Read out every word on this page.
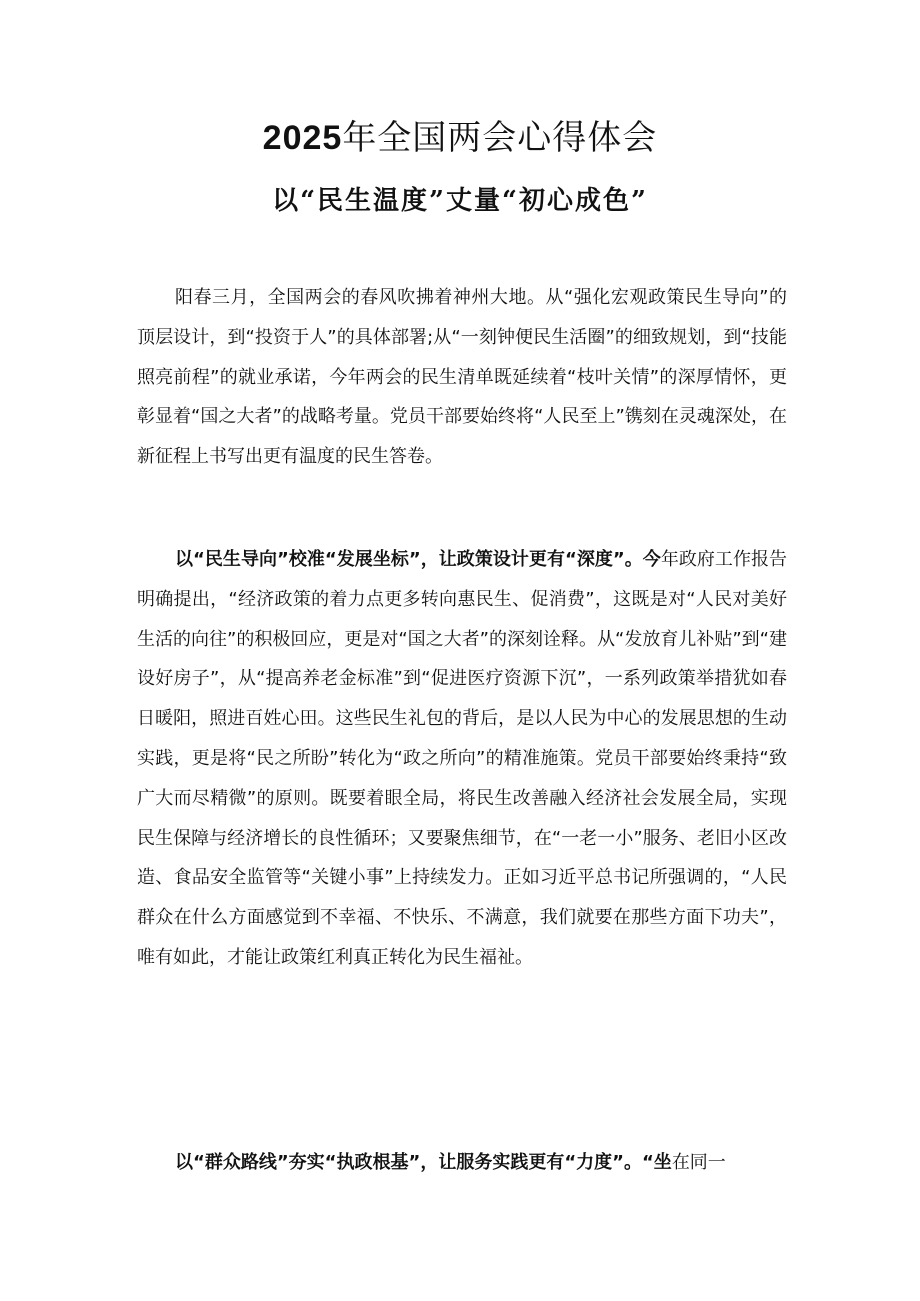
2025年全国两会心得体会
以“民生温度”丈量“初心成色”

阳春三月，全国两会的春风吹拂着神州大地。从“强化宏观政策民生导向”的顶层设计，到“投资于人”的具体部署;从“一刻钟便民生活圈”的细致规划，到“技能照亮前程”的就业承诺，今年两会的民生清单既延续着“枝叶关情”的深厚情怀，更彰显着“国之大者”的战略考量。党员干部要始终将“人民至上”镌刻在灵魂深处，在新征程上书写出更有温度的民生答卷。

以“民生导向”校准“发展坐标”，让政策设计更有“深度”。今年政府工作报告明确提出，“经济政策的着力点更多转向惠民生、促消费”，这既是对“人民对美好生活的向往”的积极回应，更是对“国之大者”的深刻诠释。从“发放育儿补贴”到“建设好房子”，从“提高养老金标准”到“促进医疗资源下沉”，一系列政策举措犹如春日暖阳，照进百姓心田。这些民生礼包的背后，是以人民为中心的发展思想的生动实践，更是将“民之所盼”转化为“政之所向”的精准施策。党员干部要始终秉持“致广大而尽精微”的原则。既要着眼全局，将民生改善融入经济社会发展全局，实现民生保障与经济增长的良性循环；又要聚焦细节，在“一老一小”服务、老旧小区改造、食品安全监管等“关键小事”上持续发力。正如习近平总书记所强调的，“人民群众在什么方面感觉到不幸福、不快乐、不满意，我们就要在那些方面下功夫”，唯有如此，才能让政策红利真正转化为民生福祉。

以“群众路线”夯实“执政根基”，让服务实践更有“力度”。“坐在同一
